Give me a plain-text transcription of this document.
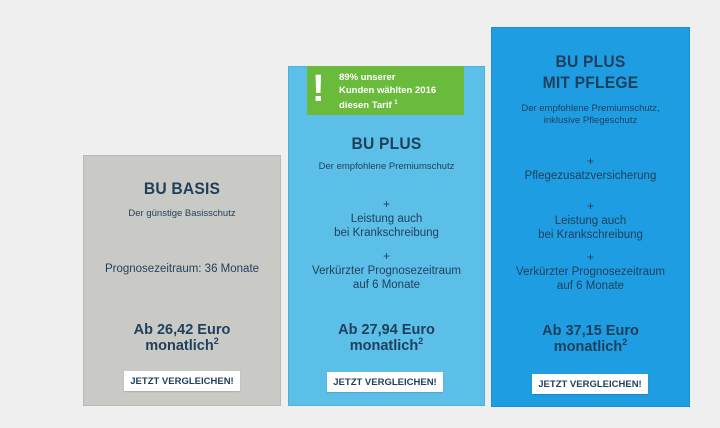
BU BASIS
Der günstige Basisschutz
Prognosezeitraum: 36 Monate
Ab 26,42 Euro
monatlich$^2$
JETZT VERGLEICHEN!
BU PLUS
Der empfohlene Premiumschutz
+
Leistung auch
bei Krankschreibung
+
Verkürzter Prognosezeitraum
auf 6 Monate
Ab 27,94 Euro
monatlich$^2$
JETZT VERGLEICHEN!
! 89% unserer
Kunden wählten 2016
diesen Tarif $^1$
BU PLUS
MIT PFLEGE
Der empfohlene Premiumschutz,
inklusive Pflegeschutz
+
Pflegezusatzversicherung
+
Leistung auch
bei Krankschreibung
+
Verkürzter Prognosezeitraum
auf 6 Monate
Ab 37,15 Euro
monatlich$^2$
JETZT VERGLEICHEN!
